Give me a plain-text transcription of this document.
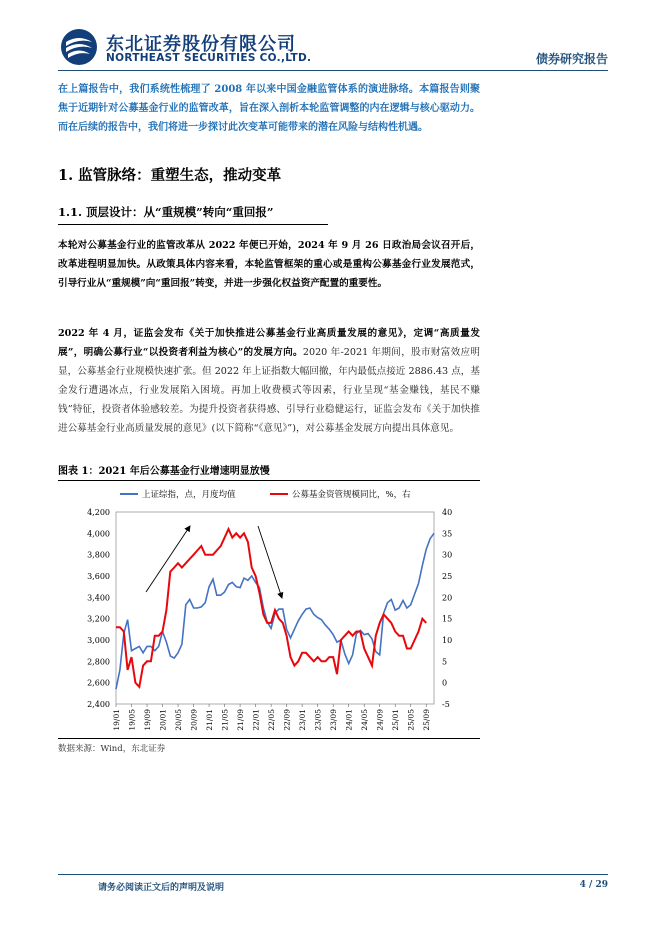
东北证券股份有限公司
NORTHEAST SECURITIES CO.,LTD.	债券研究报告
在上篇报告中，我们系统性梳理了 2008 年以来中国金融监管体系的演进脉络。本篇报告则聚焦于近期针对公募基金行业的监管改革，旨在深入剖析本轮监管调整的内在逻辑与核心驱动力。而在后续的报告中，我们将进一步探讨此次变革可能带来的潜在风险与结构性机遇。
1. 监管脉络：重塑生态，推动变革
1.1. 顶层设计：从“重规模”转向“重回报”
本轮对公募基金行业的监管改革从 2022 年便已开始，2024 年 9 月 26 日政治局会议召开后，改革进程明显加快。从政策具体内容来看，本轮监管框架的重心或是重构公募基金行业发展范式，引导行业从“重规模”向“重回报”转变，并进一步强化权益资产配置的重要性。
2022 年 4 月，证监会发布《关于加快推进公募基金行业高质量发展的意见》，定调“高质量发展”，明确公募行业“以投资者利益为核心”的发展方向。2020 年-2021 年期间，股市财富效应明显，公募基金行业规模快速扩张。但 2022 年上证指数大幅回撤，年内最低点接近 2886.43 点，基金发行遭遇冰点，行业发展陷入困境。再加上收费模式等因素，行业呈现“基金赚钱，基民不赚钱”特征，投资者体验感较差。为提升投资者获得感、引导行业稳健运行，证监会发布《关于加快推进公募基金行业高质量发展的意见》(以下简称“《意见》”)，对公募基金发展方向提出具体意见。
图表 1：2021 年后公募基金行业增速明显放慢
2,400
2,600
2,800
3,000
3,200
3,400
3,600
3,800
4,000
4,200
-5
0
5
10
15
20
25
30
35
40
19/01 19/05 19/09 20/01 20/05 20/09 21/01 21/05 21/09 22/01 22/05 22/09 23/01 23/05 23/09 24/01 24/05 24/09 25/01 25/05 25/09
上证综指，点，月度均值	公募基金资管规模同比，%，右
数据来源：Wind，东北证券
请务必阅读正文后的声明及说明	4 / 29
